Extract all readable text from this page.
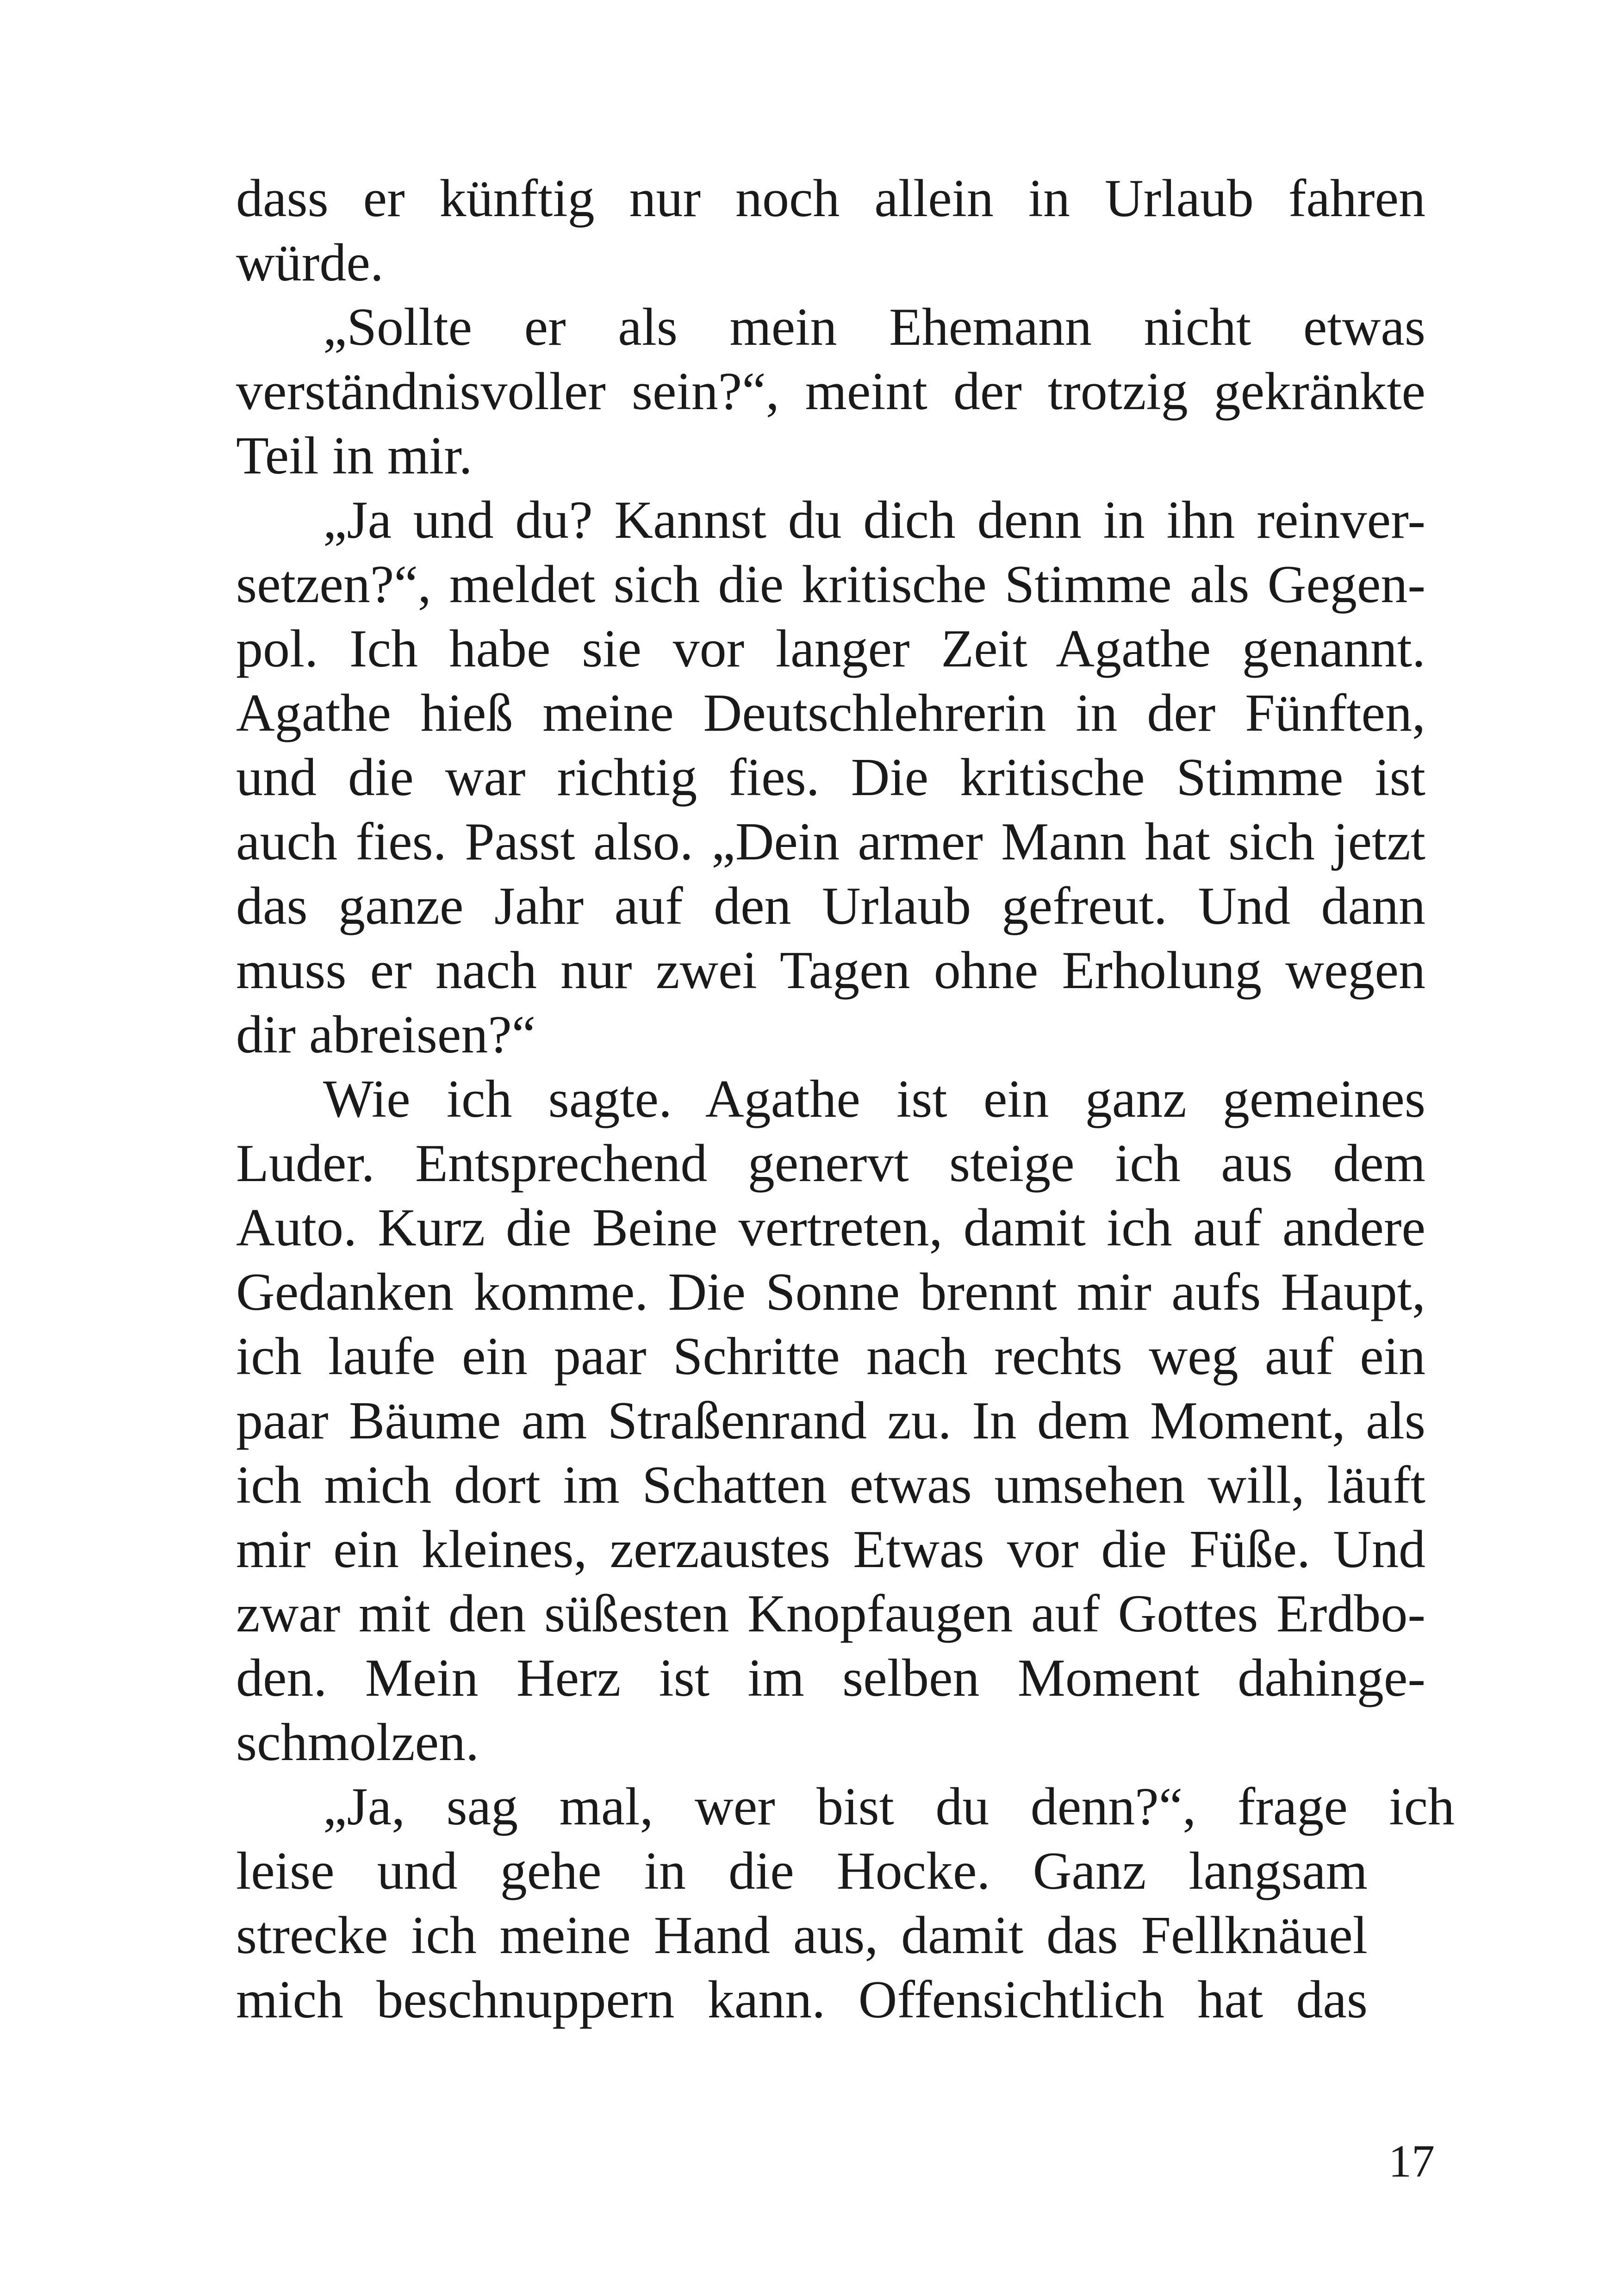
dass er künftig nur noch allein in Urlaub fahren
würde.
„Sollte er als mein Ehemann nicht etwas
verständnisvoller sein?“, meint der trotzig gekränkte
Teil in mir.
„Ja und du? Kannst du dich denn in ihn reinver-
setzen?“, meldet sich die kritische Stimme als Gegen-
pol. Ich habe sie vor langer Zeit Agathe genannt.
Agathe hieß meine Deutschlehrerin in der Fünften,
und die war richtig fies. Die kritische Stimme ist
auch fies. Passt also. „Dein armer Mann hat sich jetzt
das ganze Jahr auf den Urlaub gefreut. Und dann
muss er nach nur zwei Tagen ohne Erholung wegen
dir abreisen?“
Wie ich sagte. Agathe ist ein ganz gemeines
Luder. Entsprechend genervt steige ich aus dem
Auto. Kurz die Beine vertreten, damit ich auf andere
Gedanken komme. Die Sonne brennt mir aufs Haupt,
ich laufe ein paar Schritte nach rechts weg auf ein
paar Bäume am Straßenrand zu. In dem Moment, als
ich mich dort im Schatten etwas umsehen will, läuft
mir ein kleines, zerzaustes Etwas vor die Füße. Und
zwar mit den süßesten Knopfaugen auf Gottes Erdbo-
den. Mein Herz ist im selben Moment dahinge-
schmolzen.
„Ja, sag mal, wer bist du denn?“, frage ich
leise und gehe in die Hocke. Ganz langsam
strecke ich meine Hand aus, damit das Fellknäuel
mich beschnuppern kann. Offensichtlich hat das
17
